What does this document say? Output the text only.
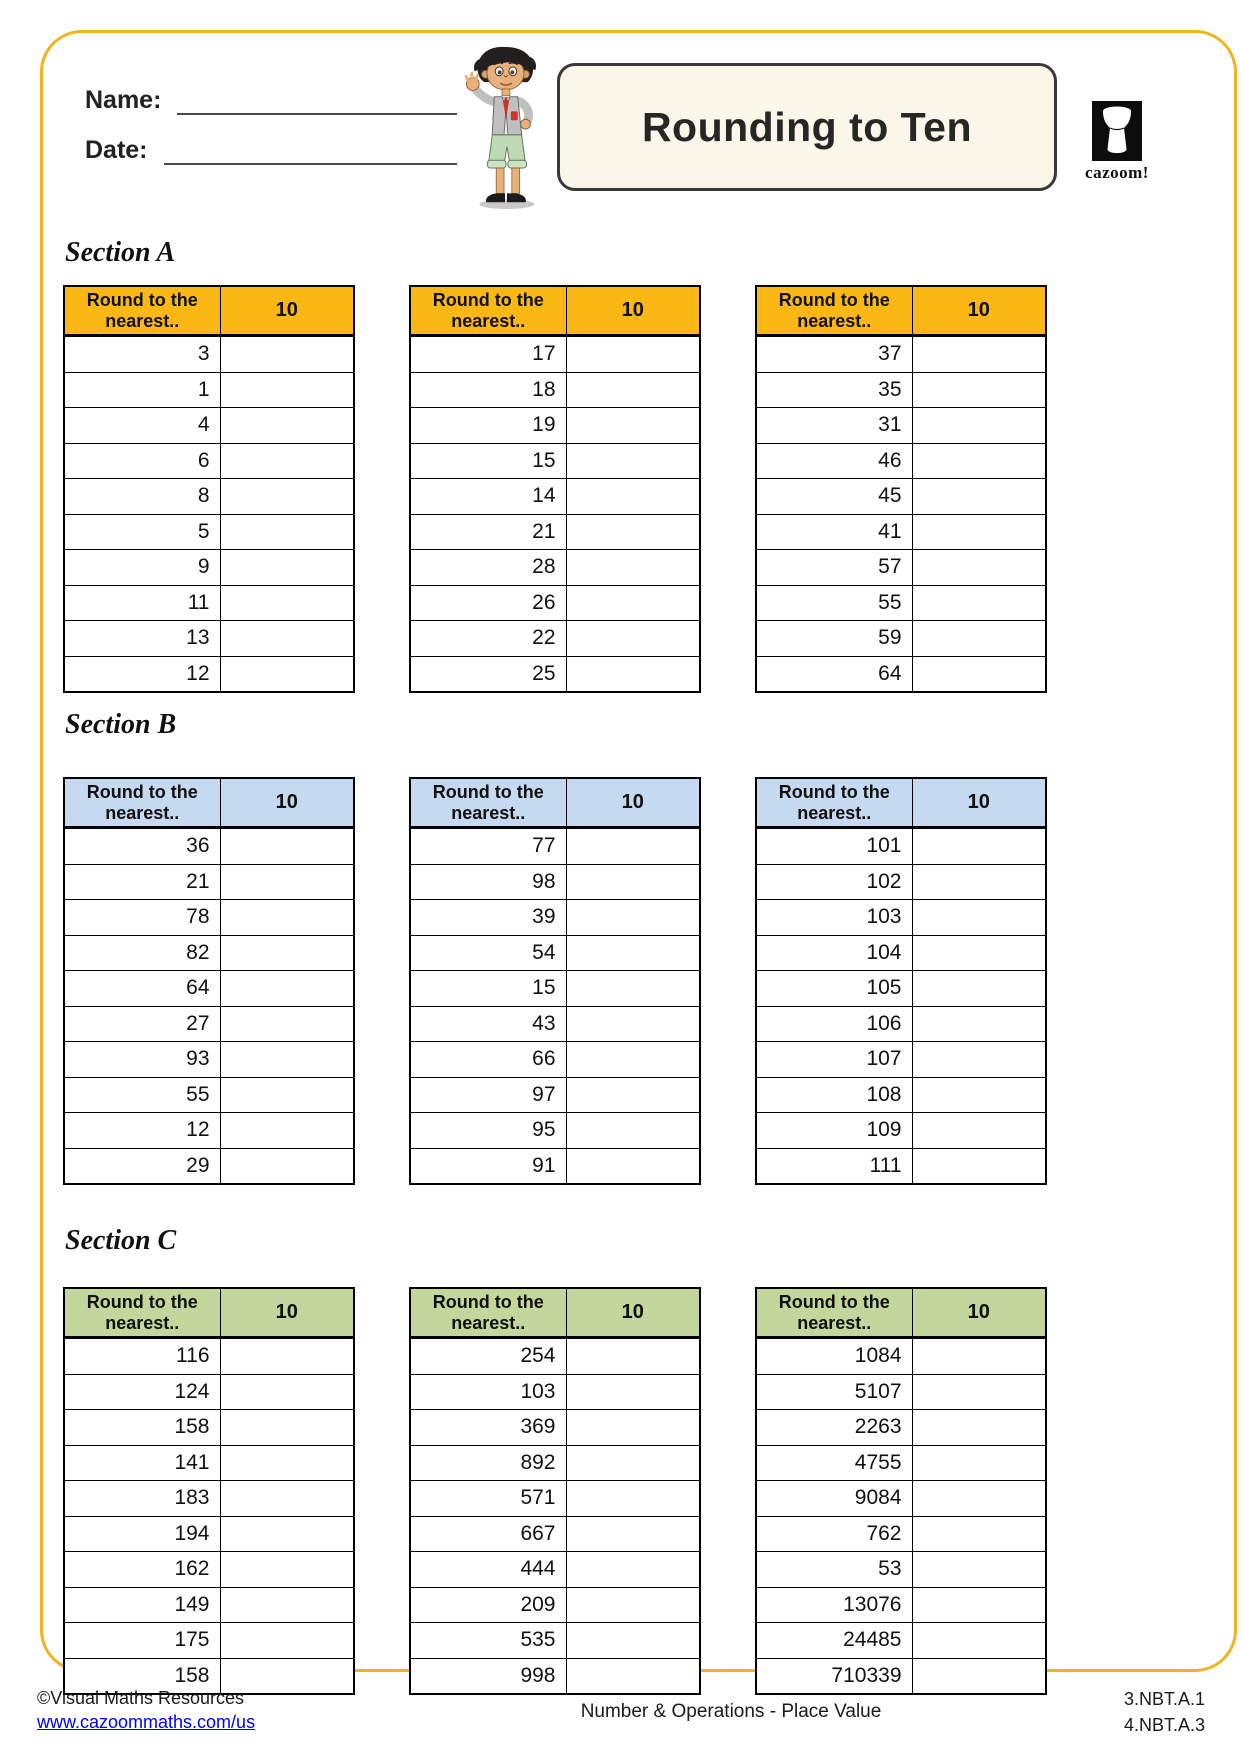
Name:
Date:
Rounding to Ten
cazoom!
Section A
Round to the nearest..	10
3	
1	
4	
6	
8	
5	
9	
11	
13	
12	
Round to the nearest..	10
17	
18	
19	
15	
14	
21	
28	
26	
22	
25	
Round to the nearest..	10
37	
35	
31	
46	
45	
41	
57	
55	
59	
64	
Section B
Round to the nearest..	10
36	
21	
78	
82	
64	
27	
93	
55	
12	
29	
Round to the nearest..	10
77	
98	
39	
54	
15	
43	
66	
97	
95	
91	
Round to the nearest..	10
101	
102	
103	
104	
105	
106	
107	
108	
109	
111	
Section C
Round to the nearest..	10
116	
124	
158	
141	
183	
194	
162	
149	
175	
158	
Round to the nearest..	10
254	
103	
369	
892	
571	
667	
444	
209	
535	
998	
Round to the nearest..	10
1084	
5107	
2263	
4755	
9084	
762	
53	
13076	
24485	
710339	
©Visual Maths Resources
www.cazoommaths.com/us
Number & Operations - Place Value
3.NBT.A.1
4.NBT.A.3
